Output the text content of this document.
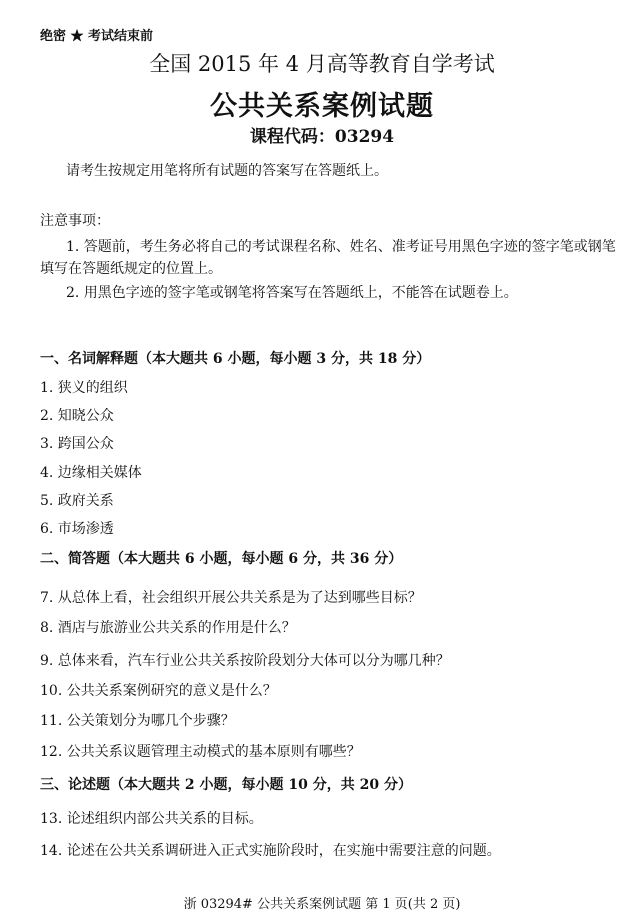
绝密 ★ 考试结束前
全国 2015 年 4 月高等教育自学考试
公共关系案例试题
课程代码：03294
请考生按规定用笔将所有试题的答案写在答题纸上。
注意事项：
1. 答题前，考生务必将自己的考试课程名称、姓名、准考证号用黑色字迹的签字笔或钢笔
填写在答题纸规定的位置上。
2. 用黑色字迹的签字笔或钢笔将答案写在答题纸上，不能答在试题卷上。
一、名词解释题（本大题共 6 小题，每小题 3 分，共 18 分）
1. 狭义的组织
2. 知晓公众
3. 跨国公众
4. 边缘相关媒体
5. 政府关系
6. 市场渗透
二、简答题（本大题共 6 小题，每小题 6 分，共 36 分）
7. 从总体上看，社会组织开展公共关系是为了达到哪些目标？
8. 酒店与旅游业公共关系的作用是什么？
9. 总体来看，汽车行业公共关系按阶段划分大体可以分为哪几种？
10. 公共关系案例研究的意义是什么？
11. 公关策划分为哪几个步骤？
12. 公共关系议题管理主动模式的基本原则有哪些？
三、论述题（本大题共 2 小题，每小题 10 分，共 20 分）
13. 论述组织内部公共关系的目标。
14. 论述在公共关系调研进入正式实施阶段时，在实施中需要注意的问题。
浙 03294# 公共关系案例试题 第 1 页(共 2 页)
